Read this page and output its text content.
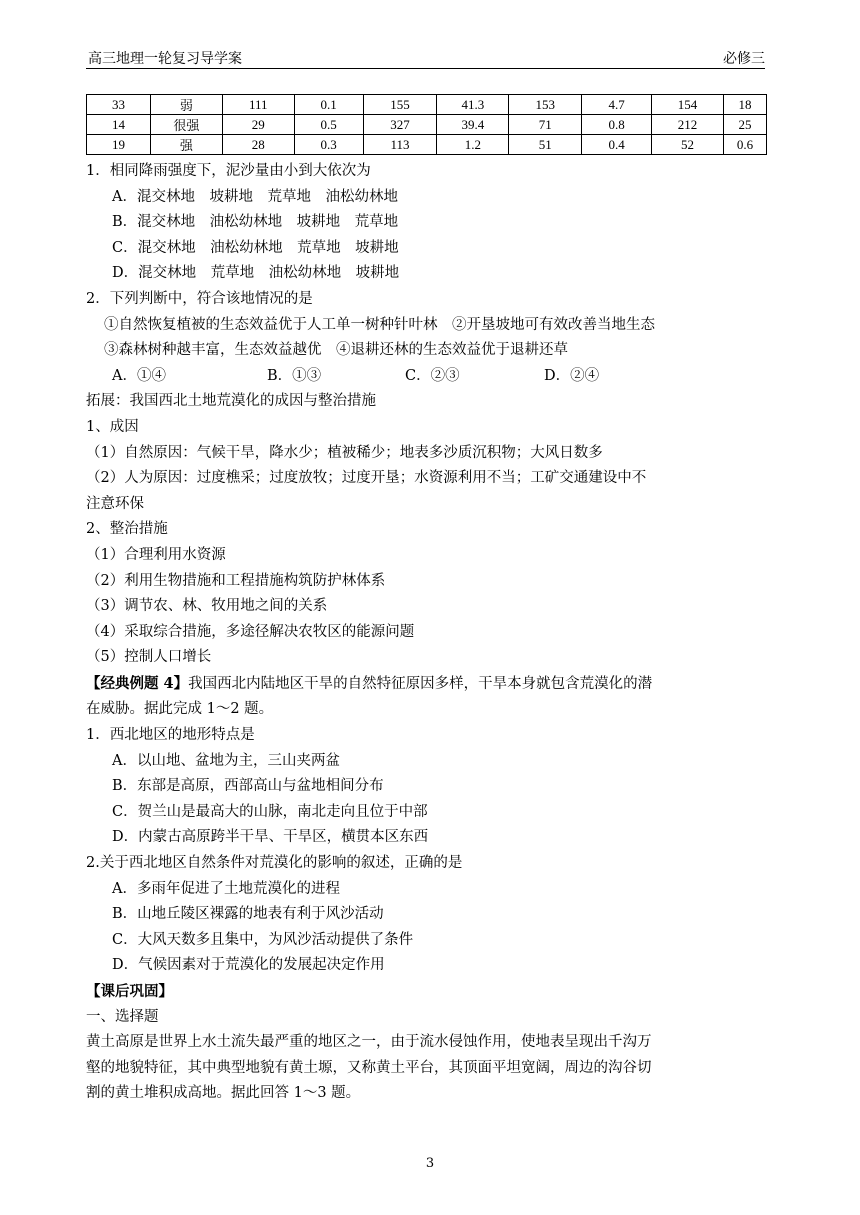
高三地理一轮复习导学案	必修三
33	弱	111	0.1	155	41.3	153	4.7	154	18
14	很强	29	0.5	327	39.4	71	0.8	212	25
19	强	28	0.3	113	1.2	51	0.4	52	0.6
1．相同降雨强度下，泥沙量由小到大依次为
A．混交林地　坡耕地　荒草地　油松幼林地
B．混交林地　油松幼林地　坡耕地　荒草地
C．混交林地　油松幼林地　荒草地　坡耕地
D．混交林地　荒草地　油松幼林地　坡耕地
2．下列判断中，符合该地情况的是
①自然恢复植被的生态效益优于人工单一树种针叶林　②开垦坡地可有效改善当地生态
③森林树种越丰富，生态效益越优　④退耕还林的生态效益优于退耕还草
A．①④	B．①③	C．②③	D．②④
拓展：我国西北土地荒漠化的成因与整治措施
1、成因
（1）自然原因：气候干旱，降水少；植被稀少；地表多沙质沉积物；大风日数多
（2）人为原因：过度樵采；过度放牧；过度开垦；水资源利用不当；工矿交通建设中不
注意环保
2、整治措施
（1）合理利用水资源
（2）利用生物措施和工程措施构筑防护林体系
（3）调节农、林、牧用地之间的关系
（4）采取综合措施，多途径解决农牧区的能源问题
（5）控制人口增长
【经典例题 4】我国西北内陆地区干旱的自然特征原因多样，干旱本身就包含荒漠化的潜
在威胁。据此完成 1～2 题。
1．西北地区的地形特点是
A．以山地、盆地为主，三山夹两盆
B．东部是高原，西部高山与盆地相间分布
C．贺兰山是最高大的山脉，南北走向且位于中部
D．内蒙古高原跨半干旱、干旱区，横贯本区东西
2.关于西北地区自然条件对荒漠化的影响的叙述，正确的是
A．多雨年促进了土地荒漠化的进程
B．山地丘陵区裸露的地表有利于风沙活动
C．大风天数多且集中，为风沙活动提供了条件
D．气候因素对于荒漠化的发展起决定作用
【课后巩固】
一、选择题
黄土高原是世界上水土流失最严重的地区之一，由于流水侵蚀作用，使地表呈现出千沟万
壑的地貌特征，其中典型地貌有黄土塬，又称黄土平台，其顶面平坦宽阔，周边的沟谷切
割的黄土堆积成高地。据此回答 1～3 题。
3
